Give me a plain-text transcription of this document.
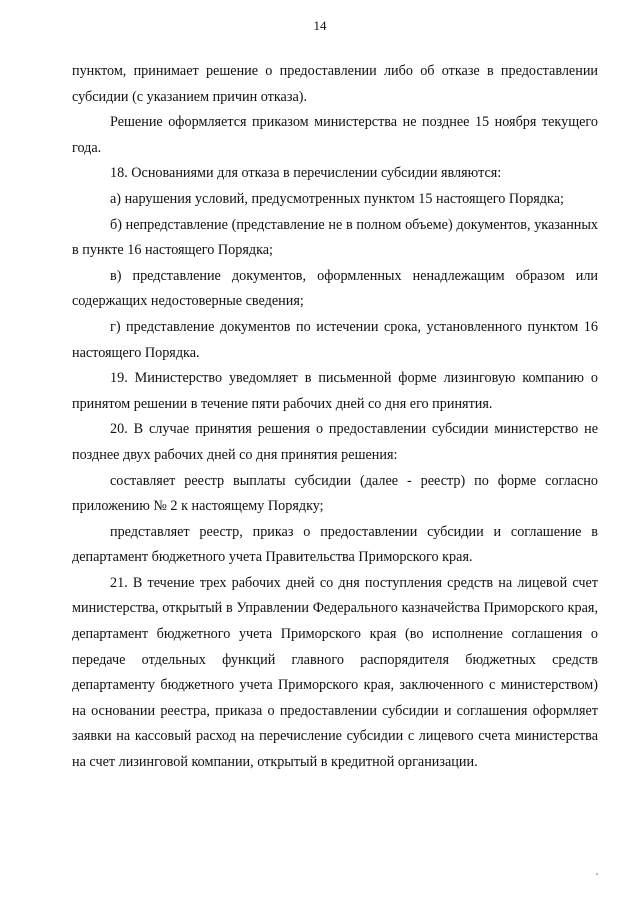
14

пунктом, принимает решение о предоставлении либо об отказе в предоставлении субсидии (с указанием причин отказа).

Решение оформляется приказом министерства не позднее 15 ноября текущего года.

18. Основаниями для отказа в перечислении субсидии являются:

а) нарушения условий, предусмотренных пунктом 15 настоящего Порядка;

б) непредставление (представление не в полном объеме) документов, указанных в пункте 16 настоящего Порядка;

в) представление документов, оформленных ненадлежащим образом или содержащих недостоверные сведения;

г) представление документов по истечении срока, установленного пунктом 16 настоящего Порядка.

19. Министерство уведомляет в письменной форме лизинговую компанию о принятом решении в течение пяти рабочих дней со дня его принятия.

20. В случае принятия решения о предоставлении субсидии министерство не позднее двух рабочих дней со дня принятия решения:

составляет реестр выплаты субсидии (далее - реестр) по форме согласно приложению № 2 к настоящему Порядку;

представляет реестр, приказ о предоставлении субсидии и соглашение в департамент бюджетного учета Правительства Приморского края.

21. В течение трех рабочих дней со дня поступления средств на лицевой счет министерства, открытый в Управлении Федерального казначейства Приморского края, департамент бюджетного учета Приморского края (во исполнение соглашения о передаче отдельных функций главного распорядителя бюджетных средств департаменту бюджетного учета Приморского края, заключенного с министерством) на основании реестра, приказа о предоставлении субсидии и соглашения оформляет заявки на кассовый расход на перечисление субсидии с лицевого счета министерства на счет лизинговой компании, открытый в кредитной организации.
